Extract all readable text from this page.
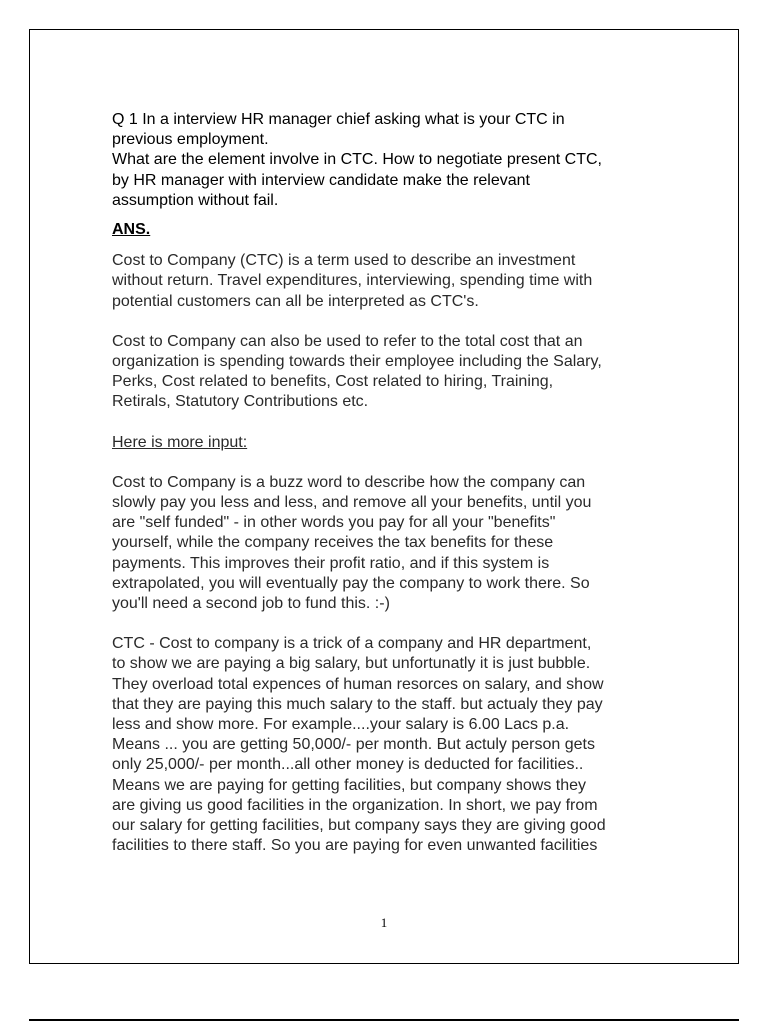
Q 1 In a interview HR manager chief asking what is your CTC in
previous employment.
What are the element involve in CTC. How to negotiate present CTC,
by HR manager with interview candidate make the relevant
assumption without fail.

ANS.

Cost to Company (CTC) is a term used to describe an investment
without return. Travel expenditures, interviewing, spending time with
potential customers can all be interpreted as CTC's.

Cost to Company can also be used to refer to the total cost that an
organization is spending towards their employee including the Salary,
Perks, Cost related to benefits, Cost related to hiring, Training,
Retirals, Statutory Contributions etc.

Here is more input:

Cost to Company is a buzz word to describe how the company can
slowly pay you less and less, and remove all your benefits, until you
are "self funded" - in other words you pay for all your "benefits"
yourself, while the company receives the tax benefits for these
payments. This improves their profit ratio, and if this system is
extrapolated, you will eventually pay the company to work there. So
you'll need a second job to fund this. :-)

CTC - Cost to company is a trick of a company and HR department,
to show we are paying a big salary, but unfortunatly it is just bubble.
They overload total expences of human resorces on salary, and show
that they are paying this much salary to the staff. but actualy they pay
less and show more. For example....your salary is 6.00 Lacs p.a.
Means ... you are getting 50,000/- per month. But actuly person gets
only 25,000/- per month...all other money is deducted for facilities..
Means we are paying for getting facilities, but company shows they
are giving us good facilities in the organization. In short, we pay from
our salary for getting facilities, but company says they are giving good
facilities to there staff. So you are paying for even unwanted facilities

1
